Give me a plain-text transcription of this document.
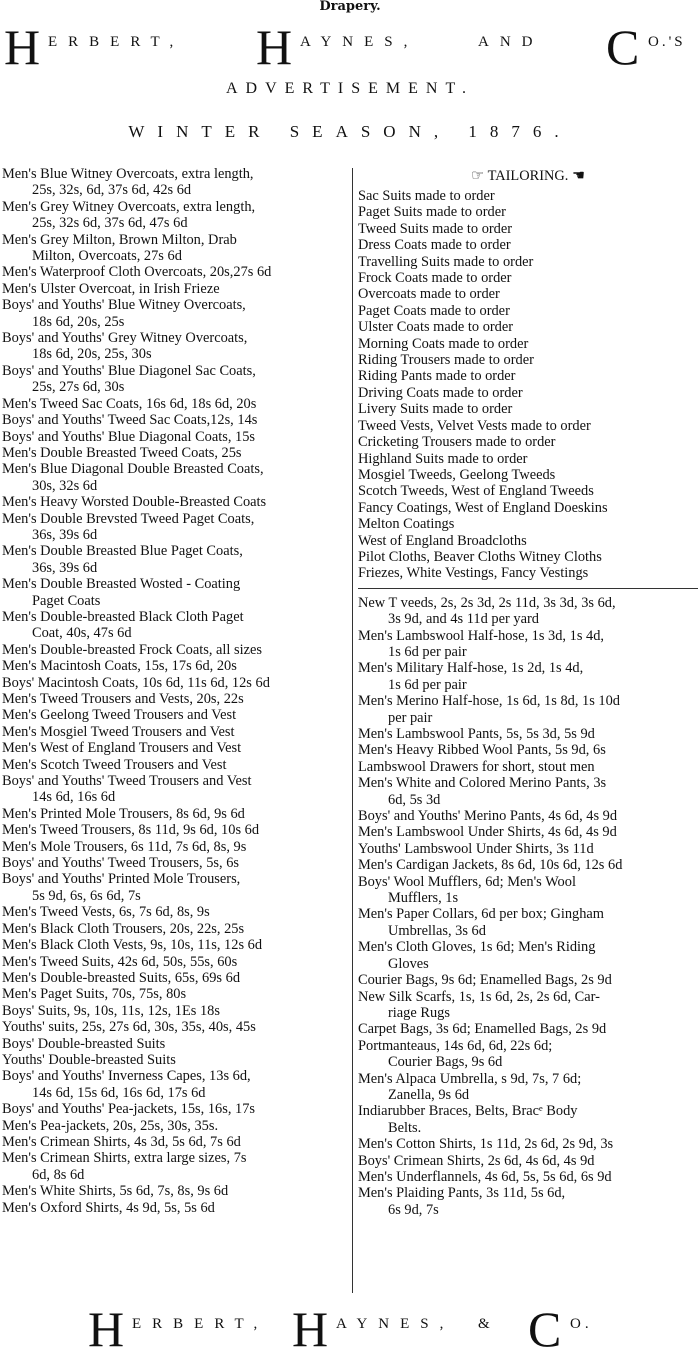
Drapery.
H ERBERT, H AYNES,	AND C O.'S
ADVERTISEMENT.
WINTER SEASON, 1876.
Men's Blue Witney Overcoats, extra length,
25s, 32s, 6d, 37s 6d, 42s 6d
Men's Grey Witney Overcoats, extra length,
25s, 32s 6d, 37s 6d, 47s 6d
Men's Grey Milton, Brown Milton, Drab
Milton, Overcoats, 27s 6d
Men's Waterproof Cloth Overcoats, 20s,27s 6d
Men's Ulster Overcoat, in Irish Frieze
Boys' and Youths' Blue Witney Overcoats,
18s 6d, 20s, 25s
Boys' and Youths' Grey Witney Overcoats,
18s 6d, 20s, 25s, 30s
Boys' and Youths' Blue Diagonel Sac Coats,
25s, 27s 6d, 30s
Men's Tweed Sac Coats, 16s 6d, 18s 6d, 20s
Boys' and Youths' Tweed Sac Coats,12s, 14s
Boys' and Youths' Blue Diagonal Coats, 15s
Men's Double Breasted Tweed Coats, 25s
Men's Blue Diagonal Double Breasted Coats,
30s, 32s 6d
Men's Heavy Worsted Double-Breasted Coats
Men's Double Brevsted Tweed Paget Coats,
36s, 39s 6d
Men's Double Breasted Blue Paget Coats,
36s, 39s 6d
Men's Double Breasted Wosted - Coating
Paget Coats
Men's Double-breasted Black Cloth Paget
Coat, 40s, 47s 6d
Men's Double-breasted Frock Coats, all sizes
Men's Macintosh Coats, 15s, 17s 6d, 20s
Boys' Macintosh Coats, 10s 6d, 11s 6d, 12s 6d
Men's Tweed Trousers and Vests, 20s, 22s
Men's Geelong Tweed Trousers and Vest
Men's Mosgiel Tweed Trousers and Vest
Men's West of England Trousers and Vest
Men's Scotch Tweed Trousers and Vest
Boys' and Youths' Tweed Trousers and Vest
14s 6d, 16s 6d
Men's Printed Mole Trousers, 8s 6d, 9s 6d
Men's Tweed Trousers, 8s 11d, 9s 6d, 10s 6d
Men's Mole Trousers, 6s 11d, 7s 6d, 8s, 9s
Boys' and Youths' Tweed Trousers, 5s, 6s
Boys' and Youths' Printed Mole Trousers,
5s 9d, 6s, 6s 6d, 7s
Men's Tweed Vests, 6s, 7s 6d, 8s, 9s
Men's Black Cloth Trousers, 20s, 22s, 25s
Men's Black Cloth Vests, 9s, 10s, 11s, 12s 6d
Men's Tweed Suits, 42s 6d, 50s, 55s, 60s
Men's Double-breasted Suits, 65s, 69s 6d
Men's Paget Suits, 70s, 75s, 80s
Boys' Suits, 9s, 10s, 11s, 12s, 1Es 18s
Youths' suits, 25s, 27s 6d, 30s, 35s, 40s, 45s
Boys' Double-breasted Suits
Youths' Double-breasted Suits
Boys' and Youths' Inverness Capes, 13s 6d,
14s 6d, 15s 6d, 16s 6d, 17s 6d
Boys' and Youths' Pea-jackets, 15s, 16s, 17s
Men's Pea-jackets, 20s, 25s, 30s, 35s.
Men's Crimean Shirts, 4s 3d, 5s 6d, 7s 6d
Men's Crimean Shirts, extra large sizes, 7s
6d, 8s 6d
Men's White Shirts, 5s 6d, 7s, 8s, 9s 6d
Men's Oxford Shirts, 4s 9d, 5s, 5s 6d
☞ TAILORING. ☚
Sac Suits made to order
Paget Suits made to order
Tweed Suits made to order
Dress Coats made to order
Travelling Suits made to order
Frock Coats made to order
Overcoats made to order
Paget Coats made to order
Ulster Coats made to order
Morning Coats made to order
Riding Trousers made to order
Riding Pants made to order
Driving Coats made to order
Livery Suits made to order
Tweed Vests, Velvet Vests made to order
Cricketing Trousers made to order
Highland Suits made to order
Mosgiel Tweeds, Geelong Tweeds
Scotch Tweeds, West of England Tweeds
Fancy Coatings, West of England Doeskins
Melton Coatings
West of England Broadcloths
Pilot Cloths, Beaver Cloths Witney Cloths
Friezes, White Vestings, Fancy Vestings
New T veeds, 2s, 2s 3d, 2s 11d, 3s 3d, 3s 6d,
3s 9d, and 4s 11d per yard
Men's Lambswool Half-hose, 1s 3d, 1s 4d,
1s 6d per pair
Men's Military Half-hose, 1s 2d, 1s 4d,
1s 6d per pair
Men's Merino Half-hose, 1s 6d, 1s 8d, 1s 10d
per pair
Men's Lambswool Pants, 5s, 5s 3d, 5s 9d
Men's Heavy Ribbed Wool Pants, 5s 9d, 6s
Lambswool Drawers for short, stout men
Men's White and Colored Merino Pants, 3s
6d, 5s 3d
Boys' and Youths' Merino Pants, 4s 6d, 4s 9d
Men's Lambswool Under Shirts, 4s 6d, 4s 9d
Youths' Lambswool Under Shirts, 3s 11d
Men's Cardigan Jackets, 8s 6d, 10s 6d, 12s 6d
Boys' Wool Mufflers, 6d; Men's Wool
Mufflers, 1s
Men's Paper Collars, 6d per box; Gingham
Umbrellas, 3s 6d
Men's Cloth Gloves, 1s 6d; Men's Riding
Gloves
Courier Bags, 9s 6d; Enamelled Bags, 2s 9d
New Silk Scarfs, 1s, 1s 6d, 2s, 2s 6d, Car-
riage Rugs
Carpet Bags, 3s 6d; Enamelled Bags, 2s 9d
Portmanteaus, 14s 6d, 6d, 22s 6d;
Courier Bags, 9s 6d
Men's Alpaca Umbrella, s 9d, 7s, 7 6d;
Zanella, 9s 6d
Indiarubber Braces, Belts, Bracᵉ Body
Belts.
Men's Cotton Shirts, 1s 11d, 2s 6d, 2s 9d, 3s
Boys' Crimean Shirts, 2s 6d, 4s 6d, 4s 9d
Men's Underflannels, 4s 6d, 5s, 5s 6d, 6s 9d
Men's Plaiding Pants, 3s 11d, 5s 6d,
6s 9d, 7s
H ERBERT, H AYNES, & C O.
